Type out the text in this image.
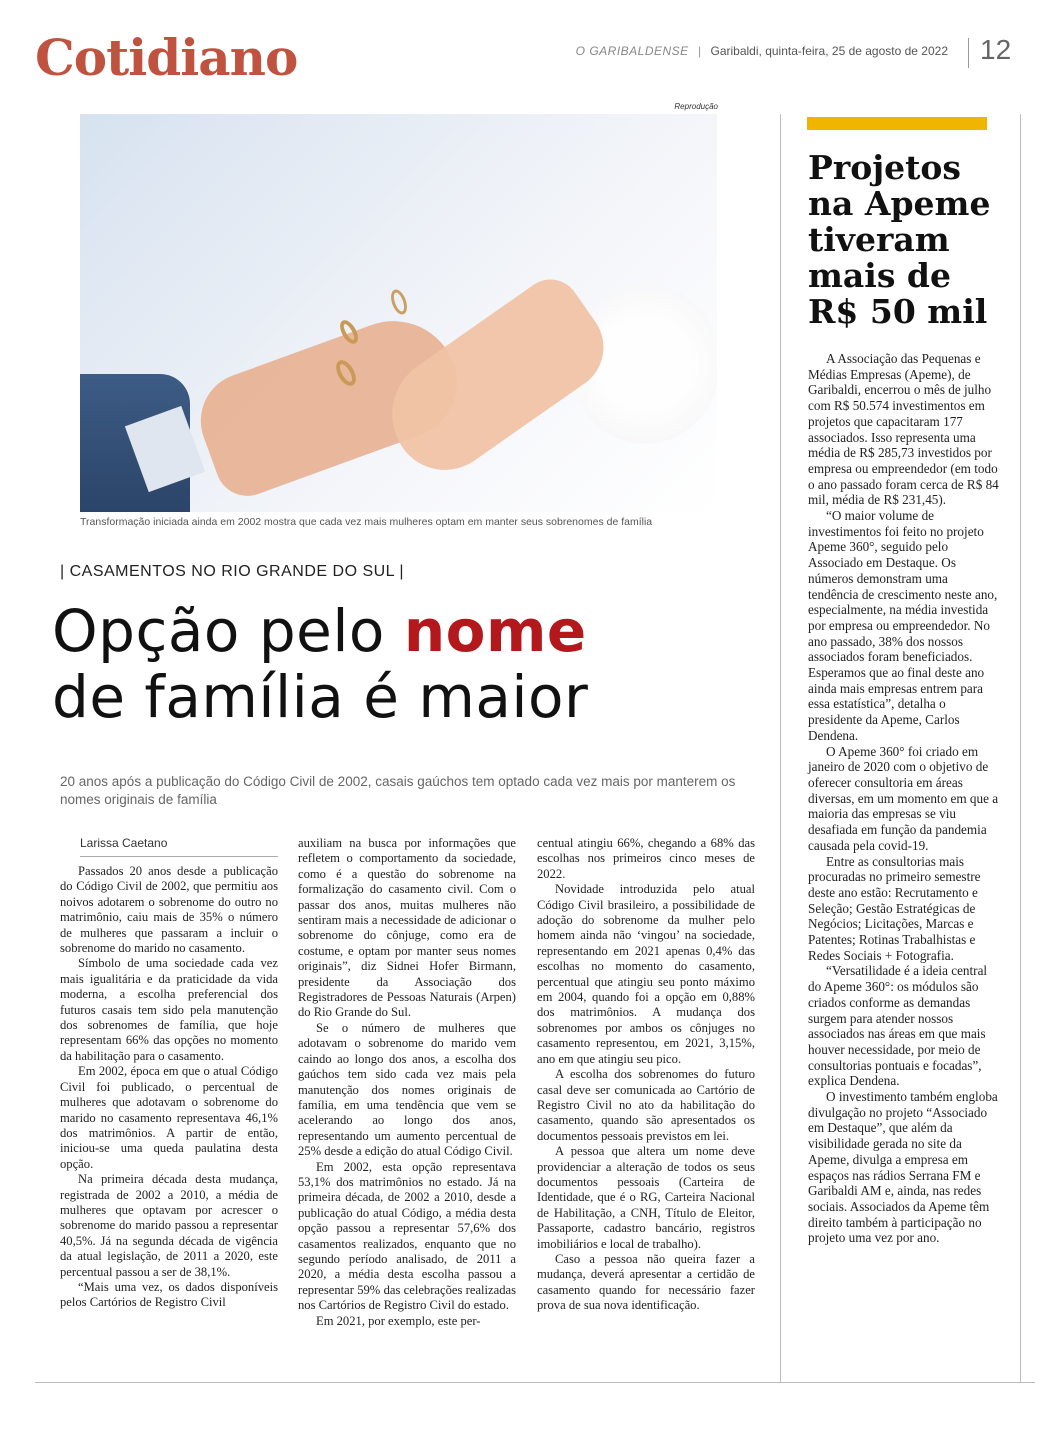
Cotidiano	O GARIBALDENSE | Garibaldi, quinta-feira, 25 de agosto de 2022 12
Reprodução
Transformação iniciada ainda em 2002 mostra que cada vez mais mulheres optam em manter seus sobrenomes de família
| CASAMENTOS NO RIO GRANDE DO SUL |
Opção pelo nome
de família é maior
20 anos após a publicação do Código Civil de 2002, casais gaúchos tem optado cada vez mais por manterem os nomes originais de família
Larissa Caetano

Passados 20 anos desde a publicação do Código Civil de 2002, que permitiu aos noivos adotarem o sobrenome do outro no matrimônio, caiu mais de 35% o número de mulheres que passaram a incluir o sobrenome do marido no casamento.

Símbolo de uma sociedade cada vez mais igualitária e da praticidade da vida moderna, a escolha preferencial dos futuros casais tem sido pela manutenção dos sobrenomes de família, que hoje representam 66% das opções no momento da habilitação para o casamento.

Em 2002, época em que o atual Código Civil foi publicado, o percentual de mulheres que adotavam o sobrenome do marido no casamento representava 46,1% dos matrimônios. A partir de então, iniciou-se uma queda paulatina desta opção.

Na primeira década desta mudança, registrada de 2002 a 2010, a média de mulheres que optavam por acrescer o sobrenome do marido passou a representar 40,5%. Já na segunda década de vigência da atual legislação, de 2011 a 2020, este percentual passou a ser de 38,1%.

“Mais uma vez, os dados disponíveis pelos Cartórios de Registro Civil

auxiliam na busca por informações que refletem o comportamento da sociedade, como é a questão do sobrenome na formalização do casamento civil. Com o passar dos anos, muitas mulheres não sentiram mais a necessidade de adicionar o sobrenome do cônjuge, como era de costume, e optam por manter seus nomes originais”, diz Sidnei Hofer Birmann, presidente da Associação dos Registradores de Pessoas Naturais (Arpen) do Rio Grande do Sul.

Se o número de mulheres que adotavam o sobrenome do marido vem caindo ao longo dos anos, a escolha dos gaúchos tem sido cada vez mais pela manutenção dos nomes originais de família, em uma tendência que vem se acelerando ao longo dos anos, representando um aumento percentual de 25% desde a edição do atual Código Civil.

Em 2002, esta opção representava 53,1% dos matrimônios no estado. Já na primeira década, de 2002 a 2010, desde a publicação do atual Código, a média desta opção passou a representar 57,6% dos casamentos realizados, enquanto que no segundo período analisado, de 2011 a 2020, a média desta escolha passou a representar 59% das celebrações realizadas nos Cartórios de Registro Civil do estado.

Em 2021, por exemplo, este per-

centual atingiu 66%, chegando a 68% das escolhas nos primeiros cinco meses de 2022.

Novidade introduzida pelo atual Código Civil brasileiro, a possibilidade de adoção do sobrenome da mulher pelo homem ainda não ‘vingou’ na sociedade, representando em 2021 apenas 0,4% das escolhas no momento do casamento, percentual que atingiu seu ponto máximo em 2004, quando foi a opção em 0,88% dos matrimônios. A mudança dos sobrenomes por ambos os cônjuges no casamento representou, em 2021, 3,15%, ano em que atingiu seu pico.

A escolha dos sobrenomes do futuro casal deve ser comunicada ao Cartório de Registro Civil no ato da habilitação do casamento, quando são apresentados os documentos pessoais previstos em lei.

A pessoa que altera um nome deve providenciar a alteração de todos os seus documentos pessoais (Carteira de Identidade, que é o RG, Carteira Nacional de Habilitação, a CNH, Título de Eleitor, Passaporte, cadastro bancário, registros imobiliários e local de trabalho).

Caso a pessoa não queira fazer a mudança, deverá apresentar a certidão de casamento quando for necessário fazer prova de sua nova identificação.

Projetos na Apeme tiveram mais de R$ 50 mil

A Associação das Pequenas e Médias Empresas (Apeme), de Garibaldi, encerrou o mês de julho com R$ 50.574 investimentos em projetos que capacitaram 177 associados. Isso representa uma média de R$ 285,73 investidos por empresa ou empreendedor (em todo o ano passado foram cerca de R$ 84 mil, média de R$ 231,45).

“O maior volume de investimentos foi feito no projeto Apeme 360°, seguido pelo Associado em Destaque. Os números demonstram uma tendência de crescimento neste ano, especialmente, na média investida por empresa ou empreendedor. No ano passado, 38% dos nossos associados foram beneficiados. Esperamos que ao final deste ano ainda mais empresas entrem para essa estatística”, detalha o presidente da Apeme, Carlos Dendena.

O Apeme 360° foi criado em janeiro de 2020 com o objetivo de oferecer consultoria em áreas diversas, em um momento em que a maioria das empresas se viu desafiada em função da pandemia causada pela covid-19.

Entre as consultorias mais procuradas no primeiro semestre deste ano estão: Recrutamento e Seleção; Gestão Estratégicas de Negócios; Licitações, Marcas e Patentes; Rotinas Trabalhistas e Redes Sociais + Fotografia.

“Versatilidade é a ideia central do Apeme 360°: os módulos são criados conforme as demandas surgem para atender nossos associados nas áreas em que mais houver necessidade, por meio de consultorias pontuais e focadas”, explica Dendena.

O investimento também engloba divulgação no projeto “Associado em Destaque”, que além da visibilidade gerada no site da Apeme, divulga a empresa em espaços nas rádios Serrana FM e Garibaldi AM e, ainda, nas redes sociais. Associados da Apeme têm direito também à participação no projeto uma vez por ano.
